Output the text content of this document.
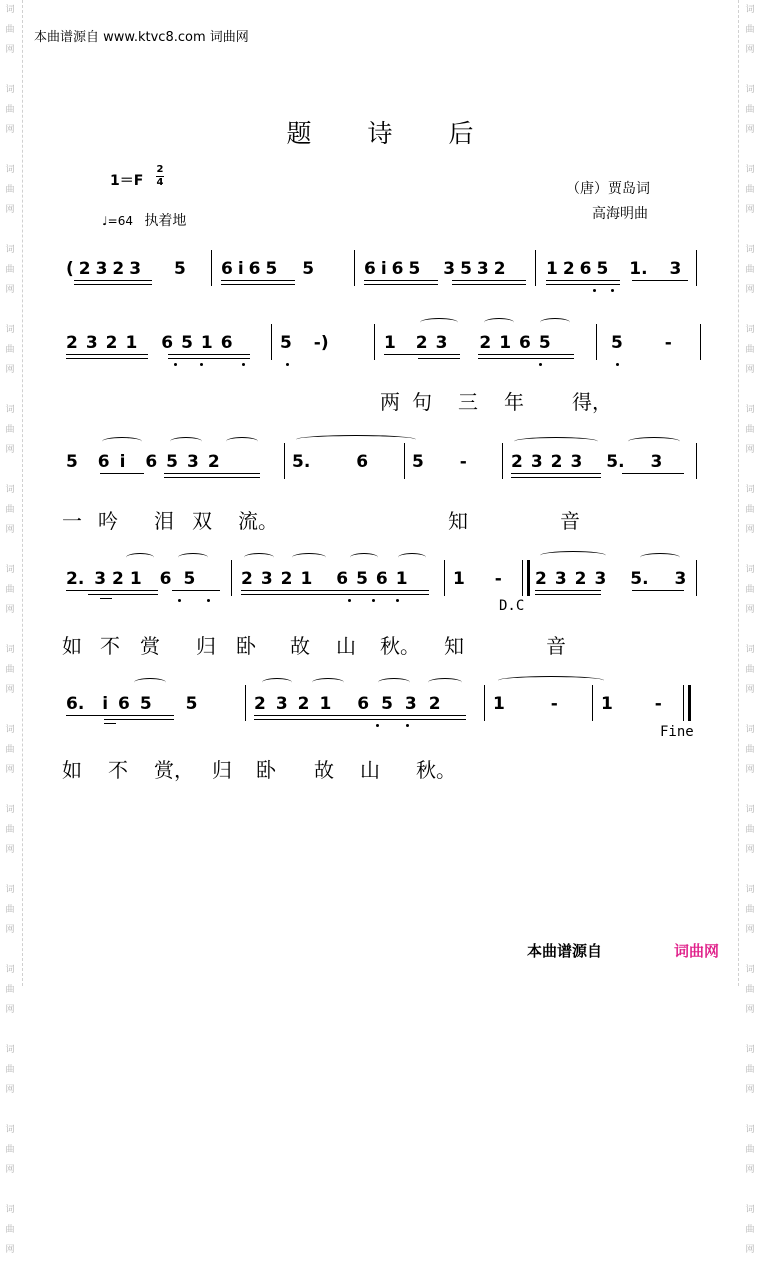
词
曲
网

词
曲
网

词
曲
网

词
曲
网

词
曲
网

词
曲
网

词
曲
网

词
曲
网

词
曲
网

词
曲
网

词
曲
网

词
曲
网

词
曲
网

词
曲
网

词
曲
网

词
曲
网

词
曲
网

词
曲
网

词
曲
网

词
曲
网

词
曲
网

词
曲
网

词
曲
网

词
曲
网

词
曲
网

词
曲
网

词
曲
网

词
曲
网

词
曲
网

词
曲
网

词
曲
网

词
曲
网

本曲谱源自 www.ktvc8.com 词曲网
题 诗 后
1＝F
2
4
♩=64 执着地
（唐）贾岛词
高海明曲
(2323 5 6i65 5	6i65 3532 1265 1. 3
2321 6516 5 -)	1 23 2165	5 -
两 句 三 年 得，
5 6i 6532	5.	6	5 -	2323 5. 3
一 吟 泪 双 流。	知	音
2. 321 65 2321 6561 1 - 2323 5. 3
D.C
如 不 赏 归 卧 故 山 秋。 知	音
6. i65 5	2321 6532 1	-	1 -
Fine
如 不 赏， 归 卧 故 山 秋。
本曲谱源自	词曲网
